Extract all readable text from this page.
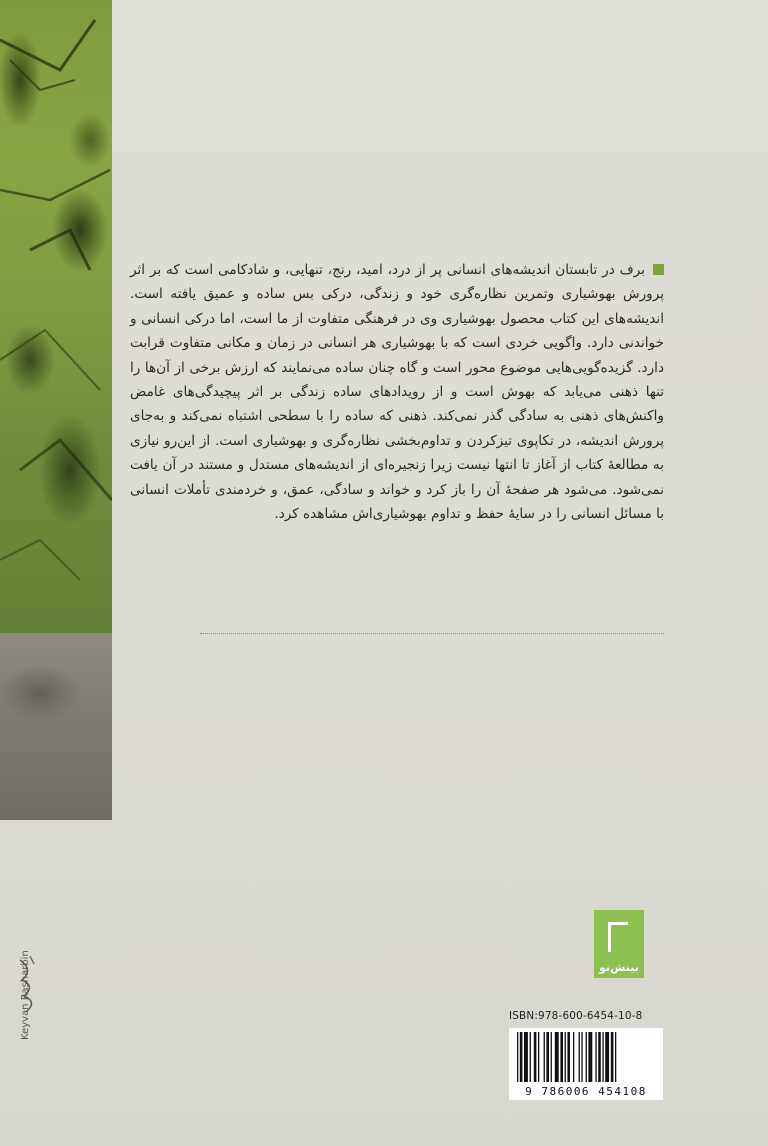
برف در تابستان اندیشه‌های انسانی پر از درد، امید، رنج، تنهایی، و شادکامی است که بر اثر پرورش بهوشیاری وتمرین نظاره‌گری خود و زندگی، درکی بس ساده و عمیق یافته است. اندیشه‌های این کتاب محصول بهوشیاری وی در فرهنگی متفاوت از ما است، اما درکی انسانی و خواندنی دارد. واگویی خردی است که با بهوشیاری هر انسانی در زمان و مکانی متفاوت قرابت دارد. گزیده‌گویی‌هایی موضوع محور است و گاه چنان ساده می‌نمایند که ارزش برخی از آن‌ها را تنها ذهنی می‌یابد که بهوش است و از رویدادهای ساده زندگی بر اثر پیچیدگی‌های غامض واکنش‌های ذهنی به سادگی گذر نمی‌کند. ذهنی که ساده را با سطحی اشتباه نمی‌کند و به‌جای پرورش اندیشه، در تکاپوی تیزکردن و تداوم‌بخشی نظاره‌گری و بهوشیاری است. از این‌رو نیازی به مطالعهٔ کتاب از آغاز تا انتها نیست زیرا زنجیره‌ای از اندیشه‌های مستدل و مستند در آن یافت نمی‌شود. می‌شود هر صفحهٔ آن را باز کرد و خواند و سادگی، عمق، و خردمندی تأملات انسانی با مسائل انسانی را در سایهٔ حفظ و تداوم بهوشیاری‌اش مشاهده کرد.

Keyvan Rasharbin	بینش‌نو
ISBN:978-600-6454-10-8
9 786006 454108
